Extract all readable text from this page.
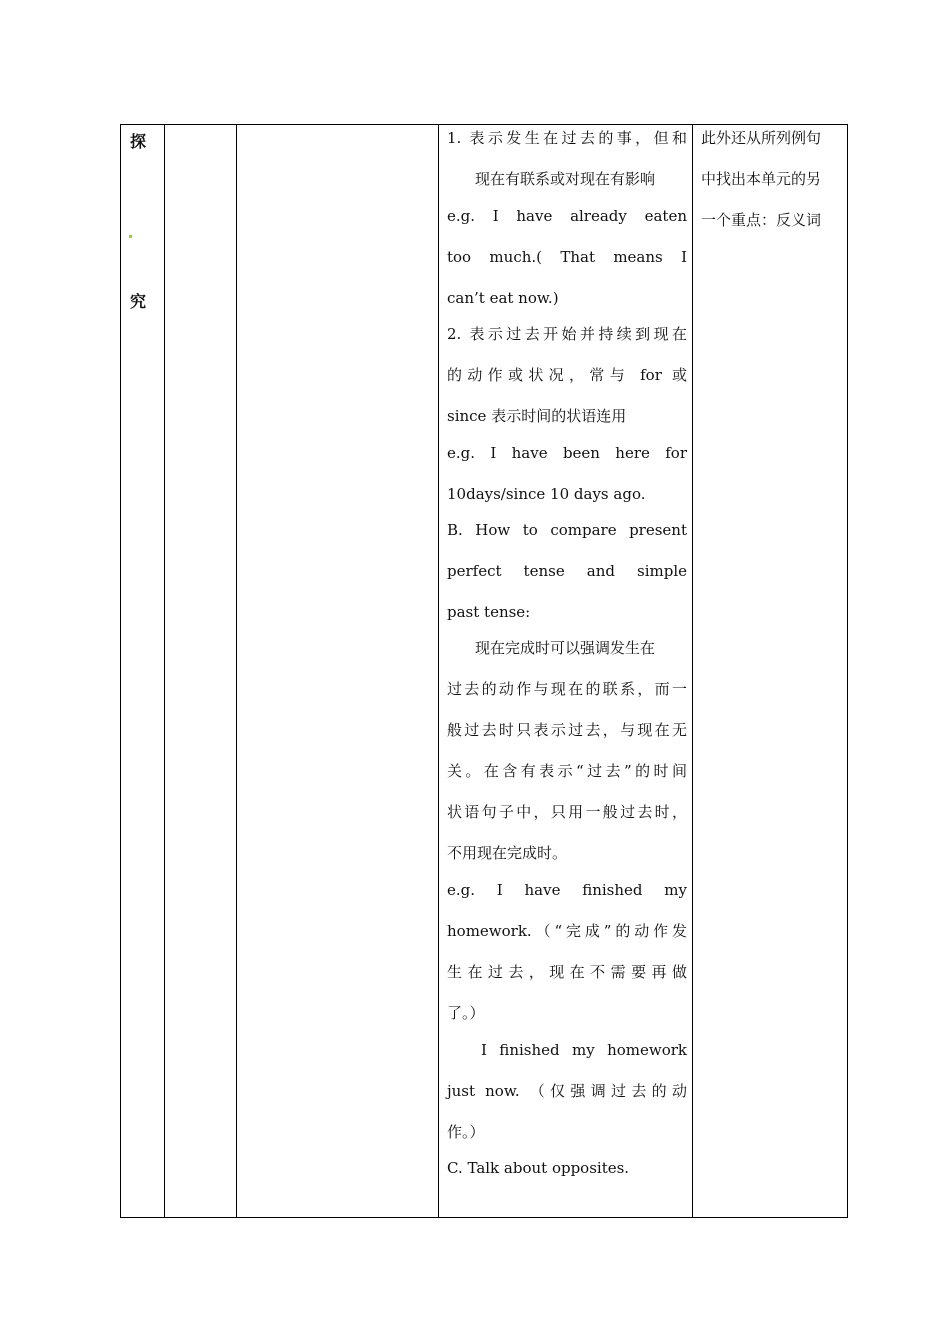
探
究
1. 表示发生在过去的事，但和
现在有联系或对现在有影响
e.g. I have already eaten
too much.( That means I
can’t eat now.)
2. 表示过去开始并持续到现在
的动作或状况，常与 for 或
since 表示时间的状语连用
e.g. I have been here for
10days/since 10 days ago.
B. How to compare present
perfect tense and simple
past tense:
现在完成时可以强调发生在
过去的动作与现在的联系，而一
般过去时只表示过去，与现在无
关。在含有表示“过去”的时间
状语句子中，只用一般过去时，
不用现在完成时。
e.g. I have finished my
homework.（“完成”的动作发
生在过去，现在不需要再做
了。）
I finished my homework
just now. （仅强调过去的动
作。）
C. Talk about opposites.
此外还从所列例句
中找出本单元的另
一个重点：反义词
